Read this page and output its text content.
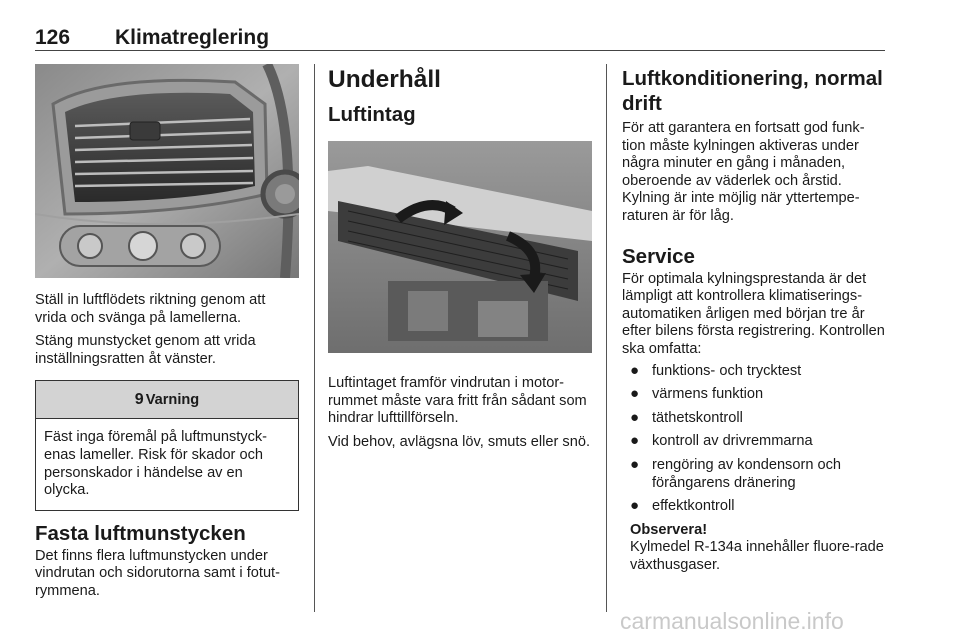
126 Klimatreglering

Ställ in luftflödets riktning genom att vrida och svänga på lamellerna.

Stäng munstycket genom att vrida inställningsratten åt vänster.

9 Varning

Fäst inga föremål på luftmunstyck-enas lameller. Risk för skador och personskador i händelse av en olycka.

Fasta luftmunstycken

Det finns flera luftmunstycken under vindrutan och sidorutorna samt i fotut-rymmena.

Underhåll
Luftintag

Luftintaget framför vindrutan i motor-rummet måste vara fritt från sådant som hindrar lufttillförseln.

Vid behov, avlägsna löv, smuts eller snö.

Luftkonditionering, normal drift

För att garantera en fortsatt god funk-tion måste kylningen aktiveras under några minuter en gång i månaden, oberoende av väderlek och årstid. Kylning är inte möjlig när yttertempe-raturen är för låg.

Service

För optimala kylningsprestanda är det lämpligt att kontrollera klimatiserings-automatiken årligen med början tre år efter bilens första registrering. Kontrollen ska omfatta:

● funktions- och trycktest
● värmens funktion
● täthetskontroll
● kontroll av drivremmarna
● rengöring av kondensorn och förångarens dränering
● effektkontroll

Observera!

Kylmedel R-134a innehåller fluore-rade växthusgaser.

carmanualsonline.info
